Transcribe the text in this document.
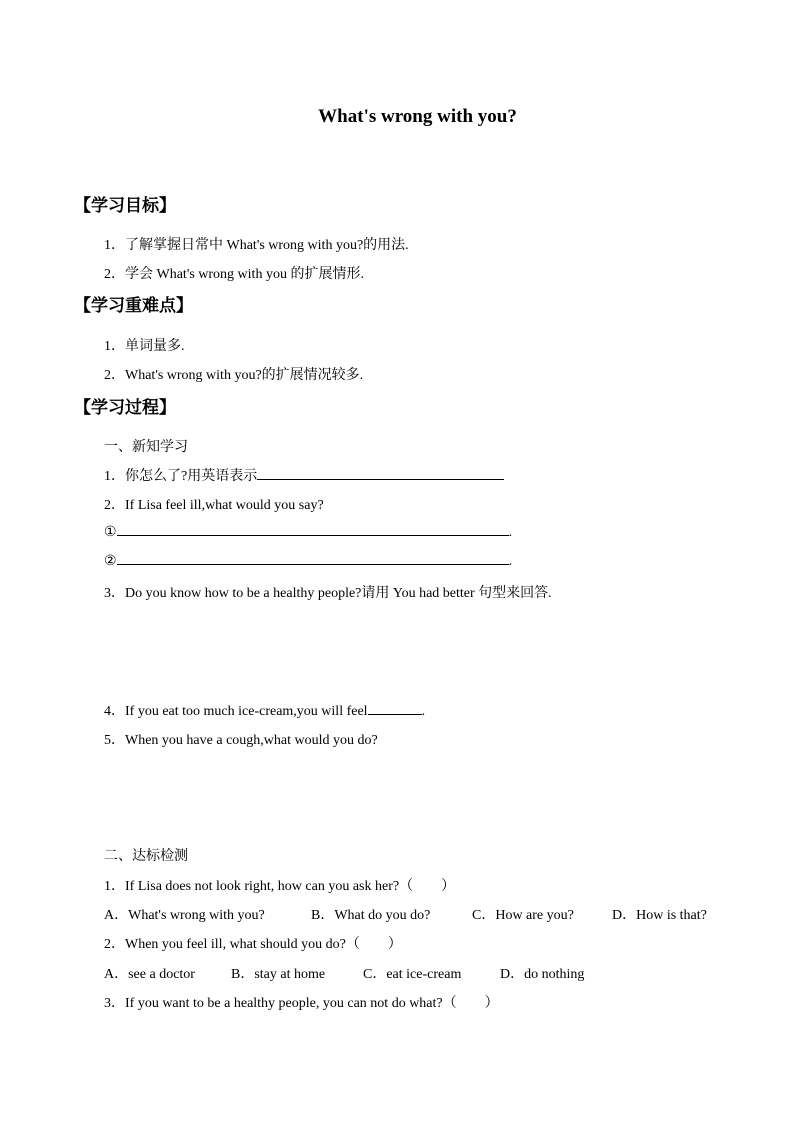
What's wrong with you?
【学习目标】
1．了解掌握日常中 What's wrong with you?的用法.
2．学会 What's wrong with you 的扩展情形.
【学习重难点】
1．单词量多.
2．What's wrong with you?的扩展情况较多.
【学习过程】
一、新知学习
1．你怎么了?用英语表示
2．If Lisa feel ill,what would you say?
①	.
②	.
3．Do you know how to be a healthy people?请用 You had better 句型来回答.
4．If you eat too much ice-cream,you will feel	.
5．When you have a cough,what would you do?
二、达标检测
1．If Lisa does not look right, how can you ask her?（　　）
A．What's wrong with you?	B．What do you do?	C．How are you?	D．How is that?
2．When you feel ill, what should you do?（　　）
A．see a doctor	B．stay at home	C．eat ice-cream	D．do nothing
3．If you want to be a healthy people, you can not do what?（　　）
